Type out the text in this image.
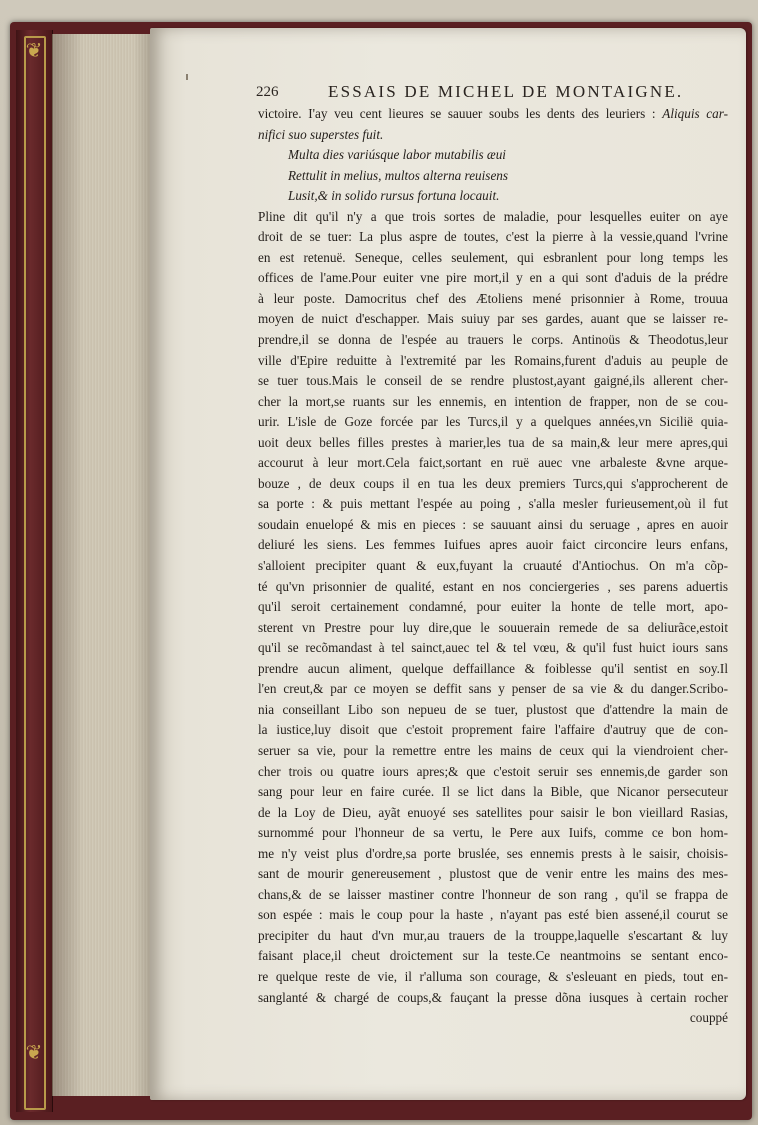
❦
❦
226	ESSAIS DE MICHEL DE MONTAIGNE.
victoire. I'ay veu cent lieures se sauuer soubs les dents des leuriers : Aliquis car-
nifici suo superstes fuit.
Multa dies variúsque labor mutabilis æui
Rettulit in melius, multos alterna reuisens
Lusit,& in solido rursus fortuna locauit.
Pline dit qu'il n'y a que trois sortes de maladie, pour lesquelles euiter on aye
droit de se tuer: La plus aspre de toutes, c'est la pierre à la vessie,quand l'vrine
en est retenuë. Seneque, celles seulement, qui esbranlent pour long temps les
offices de l'ame.Pour euiter vne pire mort,il y en a qui sont d'aduis de la prédre
à leur poste. Damocritus chef des Ætoliens mené prisonnier à Rome, trouua
moyen de nuict d'eschapper. Mais suiuy par ses gardes, auant que se laisser re-
prendre,il se donna de l'espée au trauers le corps. Antinoüs & Theodotus,leur
ville d'Epire reduitte à l'extremité par les Romains,furent d'aduis au peuple de
se tuer tous.Mais le conseil de se rendre plustost,ayant gaigné,ils allerent cher-
cher la mort,se ruants sur les ennemis, en intention de frapper, non de se cou-
urir. L'isle de Goze forcée par les Turcs,il y a quelques années,vn Sicilië quia-
uoit deux belles filles prestes à marier,les tua de sa main,& leur mere apres,qui
accourut à leur mort.Cela faict,sortant en ruë auec vne arbaleste &vne arque-
bouze , de deux coups il en tua les deux premiers Turcs,qui s'approcherent de
sa porte : & puis mettant l'espée au poing , s'alla mesler furieusement,où il fut
soudain enuelopé & mis en pieces : se sauuant ainsi du seruage , apres en auoir
deliuré les siens. Les femmes Iuifues apres auoir faict circoncire leurs enfans,
s'alloient precipiter quant & eux,fuyant la cruauté d'Antiochus. On m'a cõp-
té qu'vn prisonnier de qualité, estant en nos conciergeries , ses parens aduertis
qu'il seroit certainement condamné, pour euiter la honte de telle mort, apo-
sterent vn Prestre pour luy dire,que le souuerain remede de sa deliurãce,estoit
qu'il se recõmandast à tel sainct,auec tel & tel vœu, & qu'il fust huict iours sans
prendre aucun aliment, quelque deffaillance & foiblesse qu'il sentist en soy.Il
l'en creut,& par ce moyen se deffit sans y penser de sa vie & du danger.Scribo-
nia conseillant Libo son nepueu de se tuer, plustost que d'attendre la main de
la iustice,luy disoit que c'estoit proprement faire l'affaire d'autruy que de con-
seruer sa vie, pour la remettre entre les mains de ceux qui la viendroient cher-
cher trois ou quatre iours apres;& que c'estoit seruir ses ennemis,de garder son
sang pour leur en faire curée. Il se lict dans la Bible, que Nicanor persecuteur
de la Loy de Dieu, ayãt enuoyé ses satellites pour saisir le bon vieillard Rasias,
surnommé pour l'honneur de sa vertu, le Pere aux Iuifs, comme ce bon hom-
me n'y veist plus d'ordre,sa porte bruslée, ses ennemis prests à le saisir, choisis-
sant de mourir genereusement , plustost que de venir entre les mains des mes-
chans,& de se laisser mastiner contre l'honneur de son rang , qu'il se frappa de
son espée : mais le coup pour la haste , n'ayant pas esté bien assené,il courut se
precipiter du haut d'vn mur,au trauers de la trouppe,laquelle s'escartant & luy
faisant place,il cheut droictement sur la teste.Ce neantmoins se sentant enco-
re quelque reste de vie, il r'alluma son courage, & s'esleuant en pieds, tout en-
sanglanté & chargé de coups,& fauçant la presse dõna iusques à certain rocher
couppé
